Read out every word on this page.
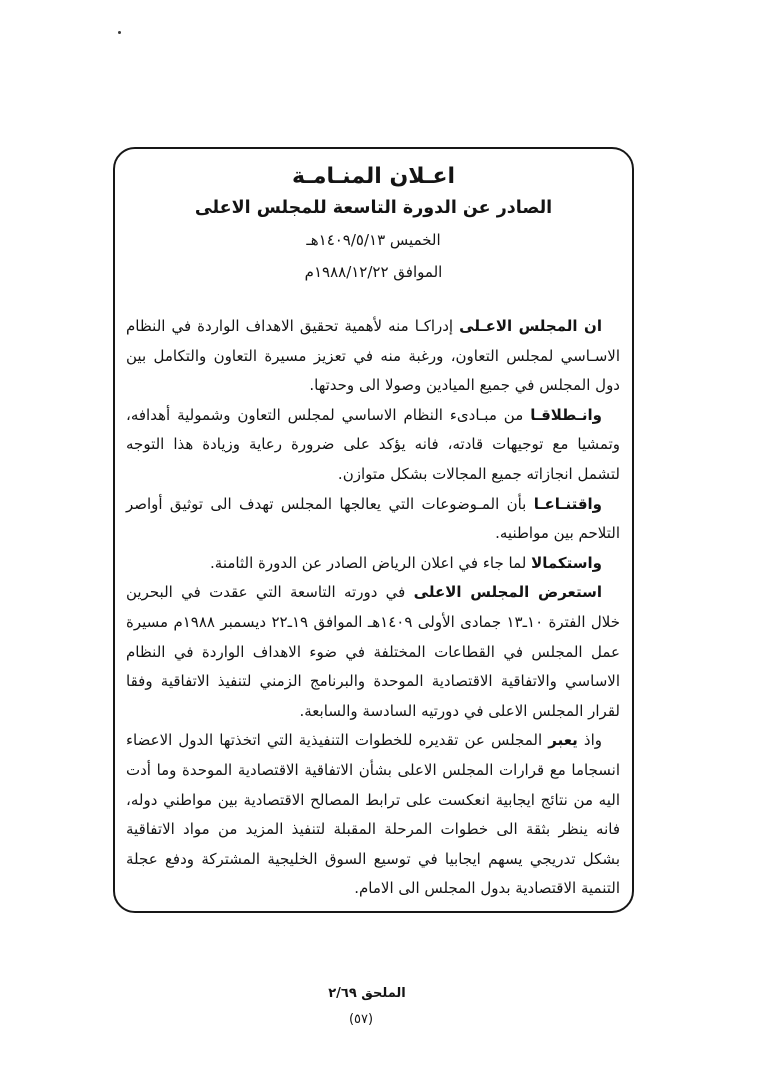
اعـلان المنـامـة
الصادر عن الدورة التاسعة للمجلس الاعلى
الخميس ١٤٠٩/٥/١٣هـ
الموافق ١٩٨٨/١٢/٢٢م

ان المجلس الاعـلى إدراكـا منه لأهمية تحقيق الاهداف الواردة في النظام الاسـاسي لمجلس التعاون، ورغبة منه في تعزيز مسيرة التعاون والتكامل بين دول المجلس في جميع الميادين وصولا الى وحدتها.

وانـطلاقـا من مبـادىء النظام الاساسي لمجلس التعاون وشمولية أهدافه، وتمشيا مع توجيهات قادته، فانه يؤكد على ضرورة رعاية وزيادة هذا التوجه لتشمل انجازاته جميع المجالات بشكل متوازن.

واقتنـاعـا بأن المـوضوعات التي يعالجها المجلس تهدف الى توثيق أواصر التلاحم بين مواطنيه.

واستكمالا لما جاء في اعلان الرياض الصادر عن الدورة الثامنة.

استعرض المجلس الاعلى في دورته التاسعة التي عقدت في البحرين خلال الفترة ١٠ـ١٣ جمادى الأولى ١٤٠٩هـ الموافق ١٩ـ٢٢ ديسمبر ١٩٨٨م مسيرة عمل المجلس في القطاعات المختلفة في ضوء الاهداف الواردة في النظام الاساسي والاتفاقية الاقتصادية الموحدة والبرنامج الزمني لتنفيذ الاتفاقية وفقا لقرار المجلس الاعلى في دورتيه السادسة والسابعة.

واذ يعبر المجلس عن تقديره للخطوات التنفيذية التي اتخذتها الدول الاعضاء انسجاما مع قرارات المجلس الاعلى بشأن الاتفاقية الاقتصادية الموحدة وما أدت اليه من نتائج ايجابية انعكست على ترابط المصالح الاقتصادية بين مواطني دوله، فانه ينظر بثقة الى خطوات المرحلة المقبلة لتنفيذ المزيد من مواد الاتفاقية بشكل تدريجي يسهم ايجابيا في توسيع السوق الخليجية المشتركة ودفع عجلة التنمية الاقتصادية بدول المجلس الى الامام.

الملحق ٢/٦٩
(٥٧)
